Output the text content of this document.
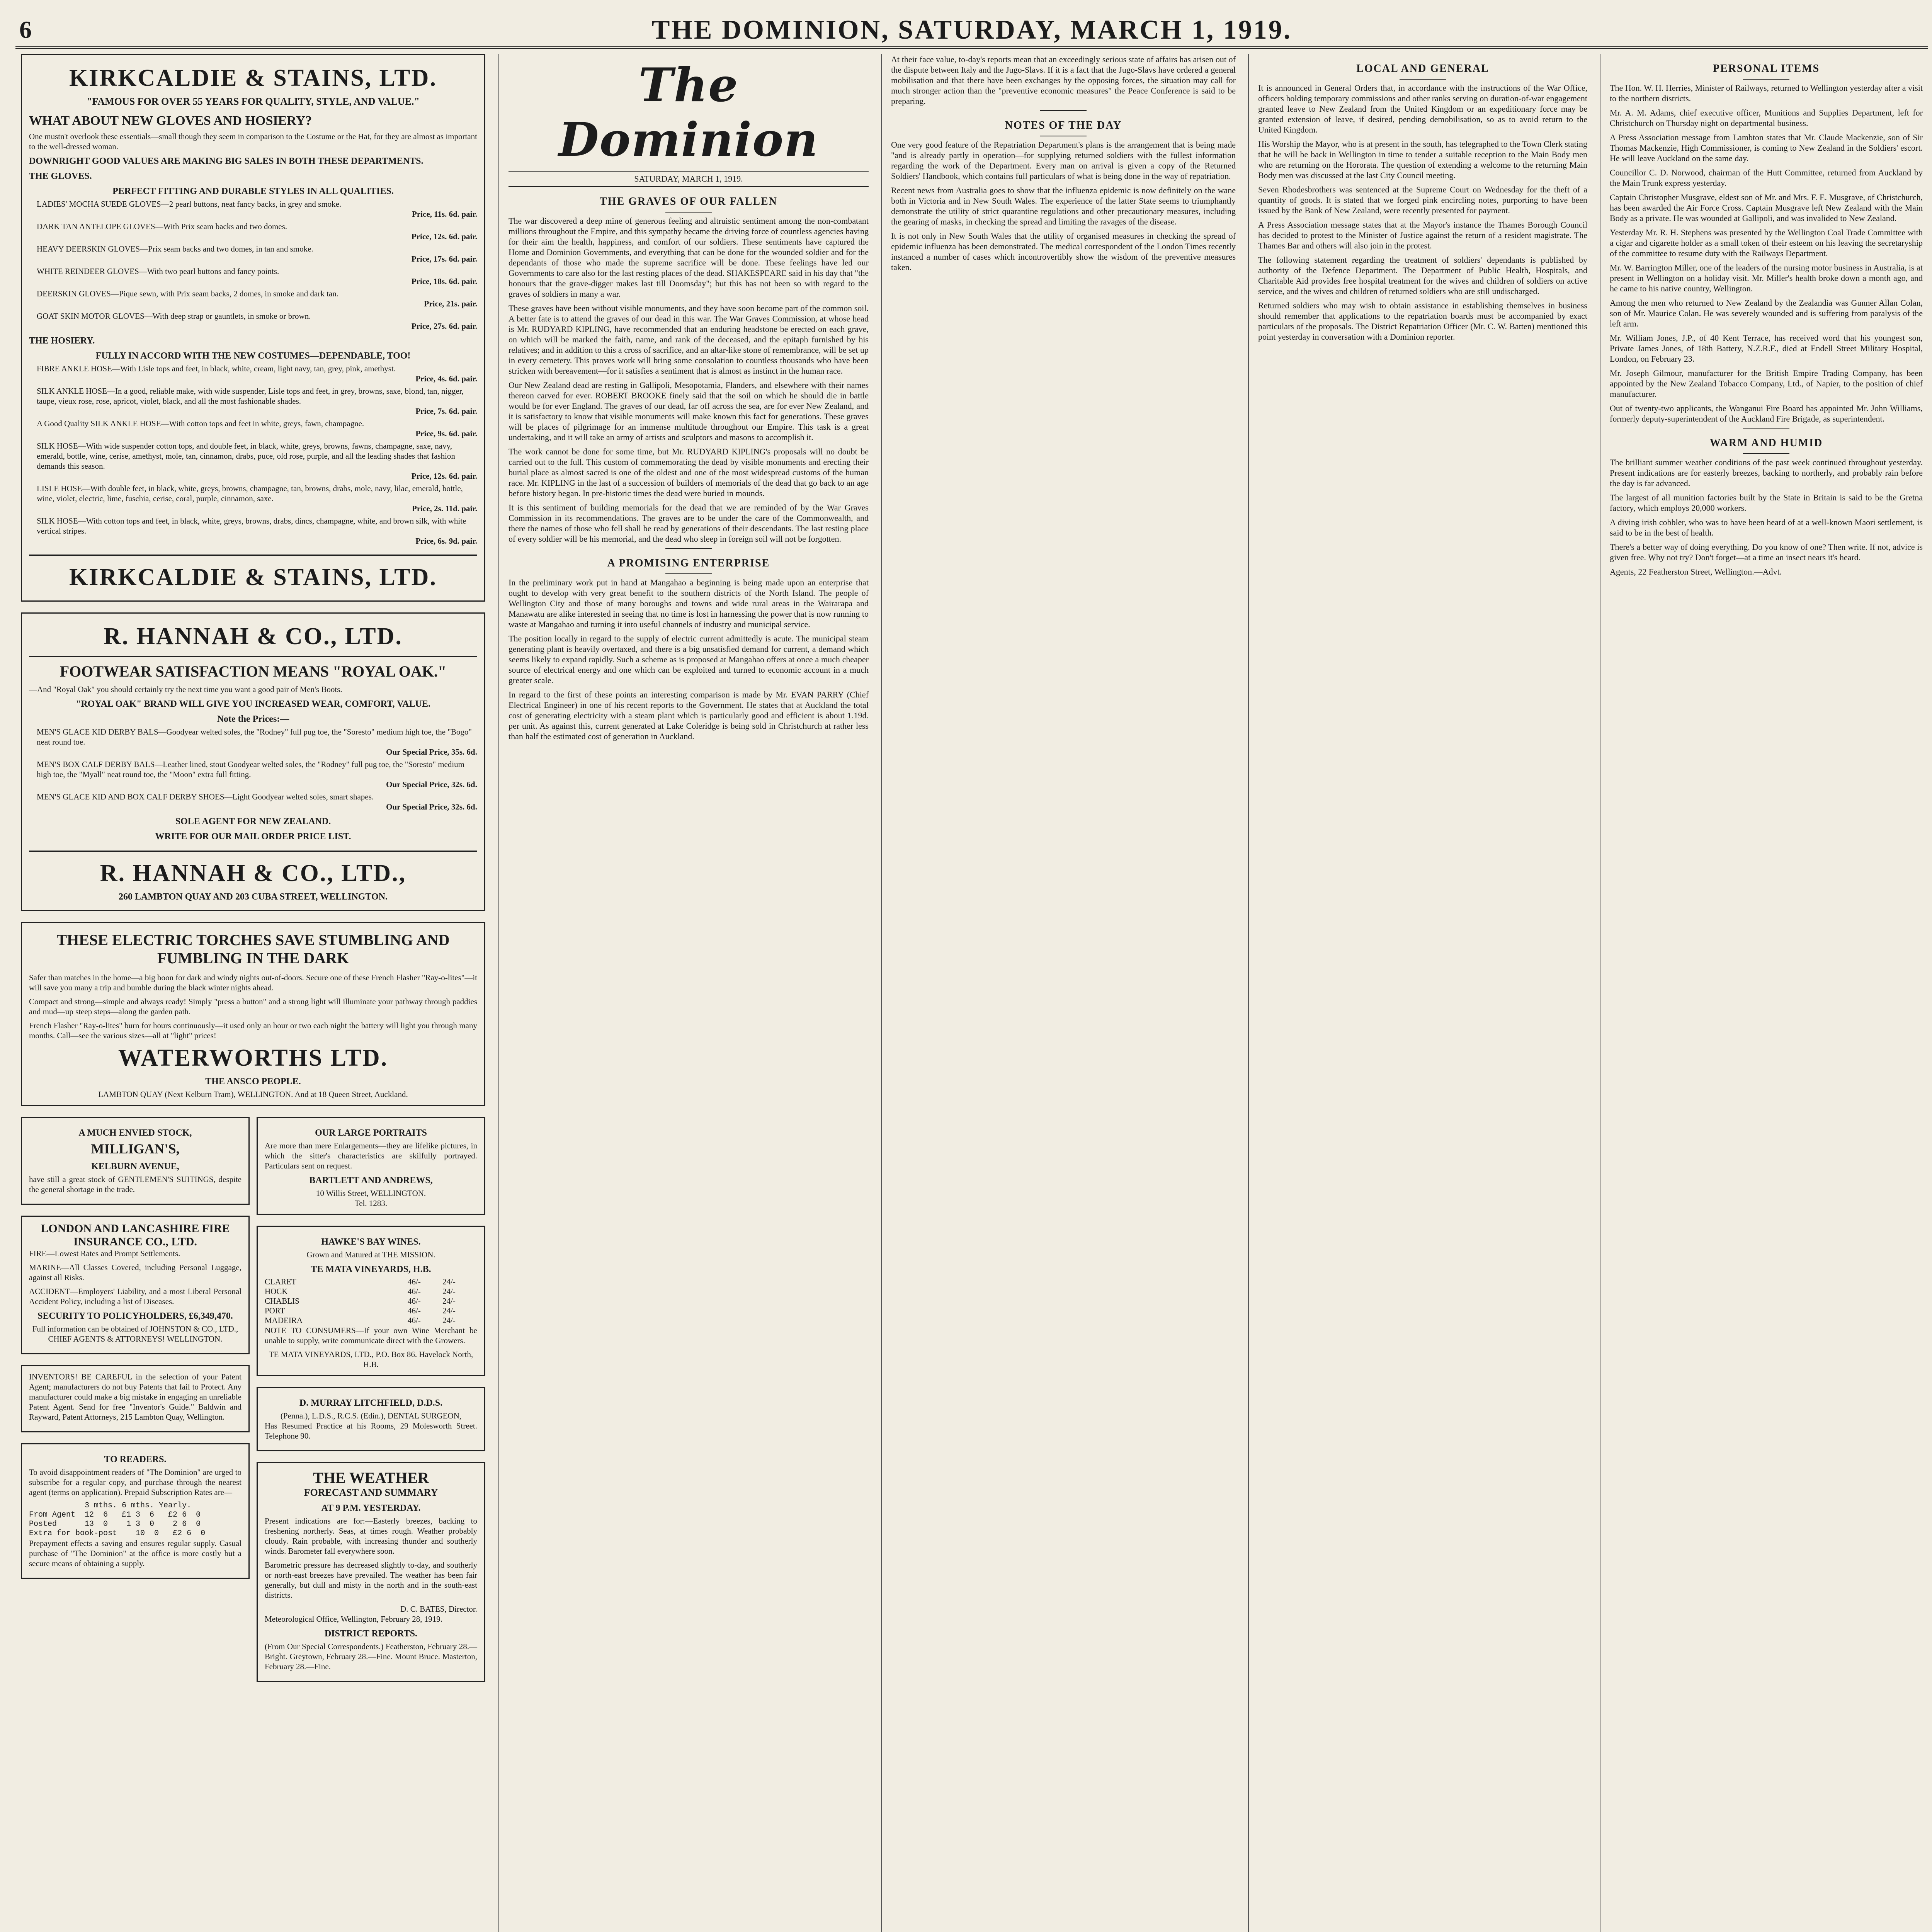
6	THE DOMINION, SATURDAY, MARCH 1, 1919.
KIRKCALDIE & STAINS, LTD.
"FAMOUS FOR OVER 55 YEARS FOR QUALITY, STYLE, AND VALUE."
WHAT ABOUT NEW GLOVES AND HOSIERY?

One mustn't overlook these essentials—small though they seem in comparison to the Costume or the Hat, for they are almost as important to the well-dressed woman.

DOWNRIGHT GOOD VALUES ARE MAKING BIG SALES IN BOTH THESE DEPARTMENTS.
THE GLOVES.
PERFECT FITTING AND DURABLE STYLES IN ALL QUALITIES.
LADIES' MOCHA SUEDE GLOVES—2 pearl buttons, neat fancy backs, in grey and smoke.
Price, 11s. 6d. pair.
DARK TAN ANTELOPE GLOVES—With Prix seam backs and two domes.
Price, 12s. 6d. pair.
HEAVY DEERSKIN GLOVES—Prix seam backs and two domes, in tan and smoke.
Price, 17s. 6d. pair.
WHITE REINDEER GLOVES—With two pearl buttons and fancy points.
Price, 18s. 6d. pair.
DEERSKIN GLOVES—Pique sewn, with Prix seam backs, 2 domes, in smoke and dark tan.
Price, 21s. pair.
GOAT SKIN MOTOR GLOVES—With deep strap or gauntlets, in smoke or brown.
Price, 27s. 6d. pair.
THE HOSIERY.
FULLY IN ACCORD WITH THE NEW COSTUMES—DEPENDABLE, TOO!
FIBRE ANKLE HOSE—With Lisle tops and feet, in black, white, cream, light navy, tan, grey, pink, amethyst.
Price, 4s. 6d. pair.
SILK ANKLE HOSE—In a good, reliable make, with wide suspender, Lisle tops and feet, in grey, browns, saxe, blond, tan, nigger, taupe, vieux rose, rose, apricot, violet, black, and all the most fashionable shades.
Price, 7s. 6d. pair.
A Good Quality SILK ANKLE HOSE—With cotton tops and feet in white, greys, fawn, champagne.
Price, 9s. 6d. pair.
SILK HOSE—With wide suspender cotton tops, and double feet, in black, white, greys, browns, fawns, champagne, saxe, navy, emerald, bottle, wine, cerise, amethyst, mole, tan, cinnamon, drabs, puce, old rose, purple, and all the leading shades that fashion demands this season.
Price, 12s. 6d. pair.
LISLE HOSE—With double feet, in black, white, greys, browns, champagne, tan, browns, drabs, mole, navy, lilac, emerald, bottle, wine, violet, electric, lime, fuschia, cerise, coral, purple, cinnamon, saxe.
Price, 2s. 11d. pair.
SILK HOSE—With cotton tops and feet, in black, white, greys, browns, drabs, dincs, champagne, white, and brown silk, with white vertical stripes.
Price, 6s. 9d. pair.
KIRKCALDIE & STAINS, LTD.
R. HANNAH & CO., LTD.
FOOTWEAR SATISFACTION MEANS "ROYAL OAK."

—And "Royal Oak" you should certainly try the next time you want a good pair of Men's Boots.

"ROYAL OAK" BRAND WILL GIVE YOU INCREASED WEAR, COMFORT, VALUE.
Note the Prices:—
MEN'S GLACE KID DERBY BALS—Goodyear welted soles, the "Rodney" full pug toe, the "Soresto" medium high toe, the "Bogo" neat round toe.
Our Special Price, 35s. 6d.
MEN'S BOX CALF DERBY BALS—Leather lined, stout Goodyear welted soles, the "Rodney" full pug toe, the "Soresto" medium high toe, the "Myall" neat round toe, the "Moon" extra full fitting.
Our Special Price, 32s. 6d.
MEN'S GLACE KID AND BOX CALF DERBY SHOES—Light Goodyear welted soles, smart shapes.
Our Special Price, 32s. 6d.
SOLE AGENT FOR NEW ZEALAND.
WRITE FOR OUR MAIL ORDER PRICE LIST.
R. HANNAH & CO., LTD.,
260 LAMBTON QUAY AND 203 CUBA STREET, WELLINGTON.
THESE ELECTRIC TORCHES SAVE STUMBLING AND FUMBLING IN THE DARK

Safer than matches in the home—a big boon for dark and windy nights out-of-doors. Secure one of these French Flasher "Ray-o-lites"—it will save you many a trip and bumble during the black winter nights ahead.

Compact and strong—simple and always ready! Simply "press a button" and a strong light will illuminate your pathway through paddies and mud—up steep steps—along the garden path.

French Flasher "Ray-o-lites" burn for hours continuously—it used only an hour or two each night the battery will light you through many months. Call—see the various sizes—all at "light" prices!

WATERWORTHS LTD.
THE ANSCO PEOPLE.
LAMBTON QUAY (Next Kelburn Tram), WELLINGTON. And at 18 Queen Street, Auckland.
A MUCH ENVIED STOCK,
MILLIGAN'S,
KELBURN AVENUE,

have still a great stock of GENTLEMEN'S SUITINGS, despite the general shortage in the trade.

LONDON AND LANCASHIRE FIRE INSURANCE CO., LTD.

FIRE—Lowest Rates and Prompt Settlements.

MARINE—All Classes Covered, including Personal Luggage, against all Risks.

ACCIDENT—Employers' Liability, and a most Liberal Personal Accident Policy, including a list of Diseases.

SECURITY TO POLICYHOLDERS, £6,349,470.

Full information can be obtained of JOHNSTON & CO., LTD., CHIEF AGENTS & ATTORNEYS! WELLINGTON.

INVENTORS! BE CAREFUL in the selection of your Patent Agent; manufacturers do not buy Patents that fail to Protect. Any manufacturer could make a big mistake in engaging an unreliable Patent Agent. Send for free "Inventor's Guide." Baldwin and Rayward, Patent Attorneys, 215 Lambton Quay, Wellington.

TO READERS.

To avoid disappointment readers of "The Dominion" are urged to subscribe for a regular copy, and purchase through the nearest agent (terms on application). Prepaid Subscription Rates are—

3 mths. 6 mths. Yearly.
From Agent  12  6   £1 3  6   £2 6  0
Posted      13  0    1 3  0    2 6  0
Extra for book-post    10  0   £2 6  0

Prepayment effects a saving and ensures regular supply. Casual purchase of "The Dominion" at the office is more costly but a secure means of obtaining a supply.

OUR LARGE PORTRAITS

Are more than mere Enlargements—they are lifelike pictures, in which the sitter's characteristics are skilfully portrayed. Particulars sent on request.

BARTLETT AND ANDREWS,
10 Willis Street, WELLINGTON.
Tel. 1283.
HAWKE'S BAY WINES.
Grown and Matured at THE MISSION.
TE MATA VINEYARDS, H.B.
CLARET	46/-	24/-
HOCK	46/-	24/-
CHABLIS	46/-	24/-
PORT	46/-	24/-
MADEIRA	46/-	24/-

NOTE TO CONSUMERS—If your own Wine Merchant be unable to supply, write communicate direct with the Growers.

TE MATA VINEYARDS, LTD., P.O. Box 86. Havelock North, H.B.
D. MURRAY LITCHFIELD, D.D.S.
(Penna.), L.D.S., R.C.S. (Edin.), DENTAL SURGEON,

Has Resumed Practice at his Rooms, 29 Molesworth Street. Telephone 90.

THE WEATHER
FORECAST AND SUMMARY
AT 9 P.M. YESTERDAY.

Present indications are for:—Easterly breezes, backing to freshening northerly. Seas, at times rough. Weather probably cloudy. Rain probable, with increasing thunder and southerly winds. Barometer fall everywhere soon.

Barometric pressure has decreased slightly to-day, and southerly or north-east breezes have prevailed. The weather has been fair generally, but dull and misty in the north and in the south-east districts.

D. C. BATES, Director.
Meteorological Office, Wellington, February 28, 1919.
DISTRICT REPORTS.

(From Our Special Correspondents.) Featherston, February 28.—Bright. Greytown, February 28.—Fine. Mount Bruce. Masterton, February 28.—Fine.

The Dominion
SATURDAY, MARCH 1, 1919.
THE GRAVES OF OUR FALLEN

The war discovered a deep mine of generous feeling and altruistic sentiment among the non-combatant millions throughout the Empire, and this sympathy became the driving force of countless agencies having for their aim the health, happiness, and comfort of our soldiers. These sentiments have captured the Home and Dominion Governments, and everything that can be done for the wounded soldier and for the dependants of those who made the supreme sacrifice will be done. These feelings have led our Governments to care also for the last resting places of the dead. SHAKESPEARE said in his day that "the honours that the grave-digger makes last till Doomsday"; but this has not been so with regard to the graves of soldiers in many a war.

These graves have been without visible monuments, and they have soon become part of the common soil. A better fate is to attend the graves of our dead in this war. The War Graves Commission, at whose head is Mr. RUDYARD KIPLING, have recommended that an enduring headstone be erected on each grave, on which will be marked the faith, name, and rank of the deceased, and the epitaph furnished by his relatives; and in addition to this a cross of sacrifice, and an altar-like stone of remembrance, will be set up in every cemetery. This proves work will bring some consolation to countless thousands who have been stricken with bereavement—for it satisfies a sentiment that is almost as instinct in the human race.

Our New Zealand dead are resting in Gallipoli, Mesopotamia, Flanders, and elsewhere with their names thereon carved for ever. ROBERT BROOKE finely said that the soil on which he should die in battle would be for ever England. The graves of our dead, far off across the sea, are for ever New Zealand, and it is satisfactory to know that visible monuments will make known this fact for generations. These graves will be places of pilgrimage for an immense multitude throughout our Empire. This task is a great undertaking, and it will take an army of artists and sculptors and masons to accomplish it.

The work cannot be done for some time, but Mr. RUDYARD KIPLING's proposals will no doubt be carried out to the full. This custom of commemorating the dead by visible monuments and erecting their burial place as almost sacred is one of the oldest and one of the most widespread customs of the human race. Mr. KIPLING in the last of a succession of builders of memorials of the dead that go back to an age before history began. In pre-historic times the dead were buried in mounds.

It is this sentiment of building memorials for the dead that we are reminded of by the War Graves Commission in its recommendations. The graves are to be under the care of the Commonwealth, and there the names of those who fell shall be read by generations of their descendants. The last resting place of every soldier will be his memorial, and the dead who sleep in foreign soil will not be forgotten.

A PROMISING ENTERPRISE

In the preliminary work put in hand at Mangahao a beginning is being made upon an enterprise that ought to develop with very great benefit to the southern districts of the North Island. The people of Wellington City and those of many boroughs and towns and wide rural areas in the Wairarapa and Manawatu are alike interested in seeing that no time is lost in harnessing the power that is now running to waste at Mangahao and turning it into useful channels of industry and municipal service.

The position locally in regard to the supply of electric current admittedly is acute. The municipal steam generating plant is heavily overtaxed, and there is a big unsatisfied demand for current, a demand which seems likely to expand rapidly. Such a scheme as is proposed at Mangahao offers at once a much cheaper source of electrical energy and one which can be exploited and turned to economic account in a much greater scale.

In regard to the first of these points an interesting comparison is made by Mr. EVAN PARRY (Chief Electrical Engineer) in one of his recent reports to the Government. He states that at Auckland the total cost of generating electricity with a steam plant which is particularly good and efficient is about 1.19d. per unit. As against this, current generated at Lake Coleridge is being sold in Christchurch at rather less than half the estimated cost of generation in Auckland.

At their face value, to-day's reports mean that an exceedingly serious state of affairs has arisen out of the dispute between Italy and the Jugo-Slavs. If it is a fact that the Jugo-Slavs have ordered a general mobilisation and that there have been exchanges by the opposing forces, the situation may call for much stronger action than the "preventive economic measures" the Peace Conference is said to be preparing.

NOTES OF THE DAY

One very good feature of the Repatriation Department's plans is the arrangement that is being made "and is already partly in operation—for supplying returned soldiers with the fullest information regarding the work of the Department. Every man on arrival is given a copy of the Returned Soldiers' Handbook, which contains full particulars of what is being done in the way of repatriation.

Recent news from Australia goes to show that the influenza epidemic is now definitely on the wane both in Victoria and in New South Wales. The experience of the latter State seems to triumphantly demonstrate the utility of strict quarantine regulations and other precautionary measures, including the gearing of masks, in checking the spread and limiting the ravages of the disease.

It is not only in New South Wales that the utility of organised measures in checking the spread of epidemic influenza has been demonstrated. The medical correspondent of the London Times recently instanced a number of cases which incontrovertibly show the wisdom of the preventive measures taken.

LOCAL AND GENERAL

It is announced in General Orders that, in accordance with the instructions of the War Office, officers holding temporary commissions and other ranks serving on duration-of-war engagement granted leave to New Zealand from the United Kingdom or an expeditionary force may be granted extension of leave, if desired, pending demobilisation, so as to avoid return to the United Kingdom.

His Worship the Mayor, who is at present in the south, has telegraphed to the Town Clerk stating that he will be back in Wellington in time to tender a suitable reception to the Main Body men who are returning on the Hororata. The question of extending a welcome to the returning Main Body men was discussed at the last City Council meeting.

Seven Rhodesbrothers was sentenced at the Supreme Court on Wednesday for the theft of a quantity of goods. It is stated that we forged pink encircling notes, purporting to have been issued by the Bank of New Zealand, were recently presented for payment.

A Press Association message states that at the Mayor's instance the Thames Borough Council has decided to protest to the Minister of Justice against the return of a resident magistrate. The Thames Bar and others will also join in the protest.

The following statement regarding the treatment of soldiers' dependants is published by authority of the Defence Department. The Department of Public Health, Hospitals, and Charitable Aid provides free hospital treatment for the wives and children of soldiers on active service, and the wives and children of returned soldiers who are still undischarged.

Returned soldiers who may wish to obtain assistance in establishing themselves in business should remember that applications to the repatriation boards must be accompanied by exact particulars of the proposals. The District Repatriation Officer (Mr. C. W. Batten) mentioned this point yesterday in conversation with a Dominion reporter.

PERSONAL ITEMS

The Hon. W. H. Herries, Minister of Railways, returned to Wellington yesterday after a visit to the northern districts.

Mr. A. M. Adams, chief executive officer, Munitions and Supplies Department, left for Christchurch on Thursday night on departmental business.

A Press Association message from Lambton states that Mr. Claude Mackenzie, son of Sir Thomas Mackenzie, High Commissioner, is coming to New Zealand in the Soldiers' escort. He will leave Auckland on the same day.

Councillor C. D. Norwood, chairman of the Hutt Committee, returned from Auckland by the Main Trunk express yesterday.

Captain Christopher Musgrave, eldest son of Mr. and Mrs. F. E. Musgrave, of Christchurch, has been awarded the Air Force Cross. Captain Musgrave left New Zealand with the Main Body as a private. He was wounded at Gallipoli, and was invalided to New Zealand.

Yesterday Mr. R. H. Stephens was presented by the Wellington Coal Trade Committee with a cigar and cigarette holder as a small token of their esteem on his leaving the secretaryship of the committee to resume duty with the Railways Department.

Mr. W. Barrington Miller, one of the leaders of the nursing motor business in Australia, is at present in Wellington on a holiday visit. Mr. Miller's health broke down a month ago, and he came to his native country, Wellington.

Among the men who returned to New Zealand by the Zealandia was Gunner Allan Colan, son of Mr. Maurice Colan. He was severely wounded and is suffering from paralysis of the left arm.

Mr. William Jones, J.P., of 40 Kent Terrace, has received word that his youngest son, Private James Jones, of 18th Battery, N.Z.R.F., died at Endell Street Military Hospital, London, on February 23.

Mr. Joseph Gilmour, manufacturer for the British Empire Trading Company, has been appointed by the New Zealand Tobacco Company, Ltd., of Napier, to the position of chief manufacturer.

Out of twenty-two applicants, the Wanganui Fire Board has appointed Mr. John Williams, formerly deputy-superintendent of the Auckland Fire Brigade, as superintendent.

WARM AND HUMID

The brilliant summer weather conditions of the past week continued throughout yesterday. Present indications are for easterly breezes, backing to northerly, and probably rain before the day is far advanced.

The largest of all munition factories built by the State in Britain is said to be the Gretna factory, which employs 20,000 workers.

A diving irish cobbler, who was to have been heard of at a well-known Maori settlement, is said to be in the best of health.

There's a better way of doing everything. Do you know of one? Then write. If not, advice is given free. Why not try? Don't forget—at a time an insect nears it's heard.

Agents, 22 Featherston Street, Wellington.—Advt.
